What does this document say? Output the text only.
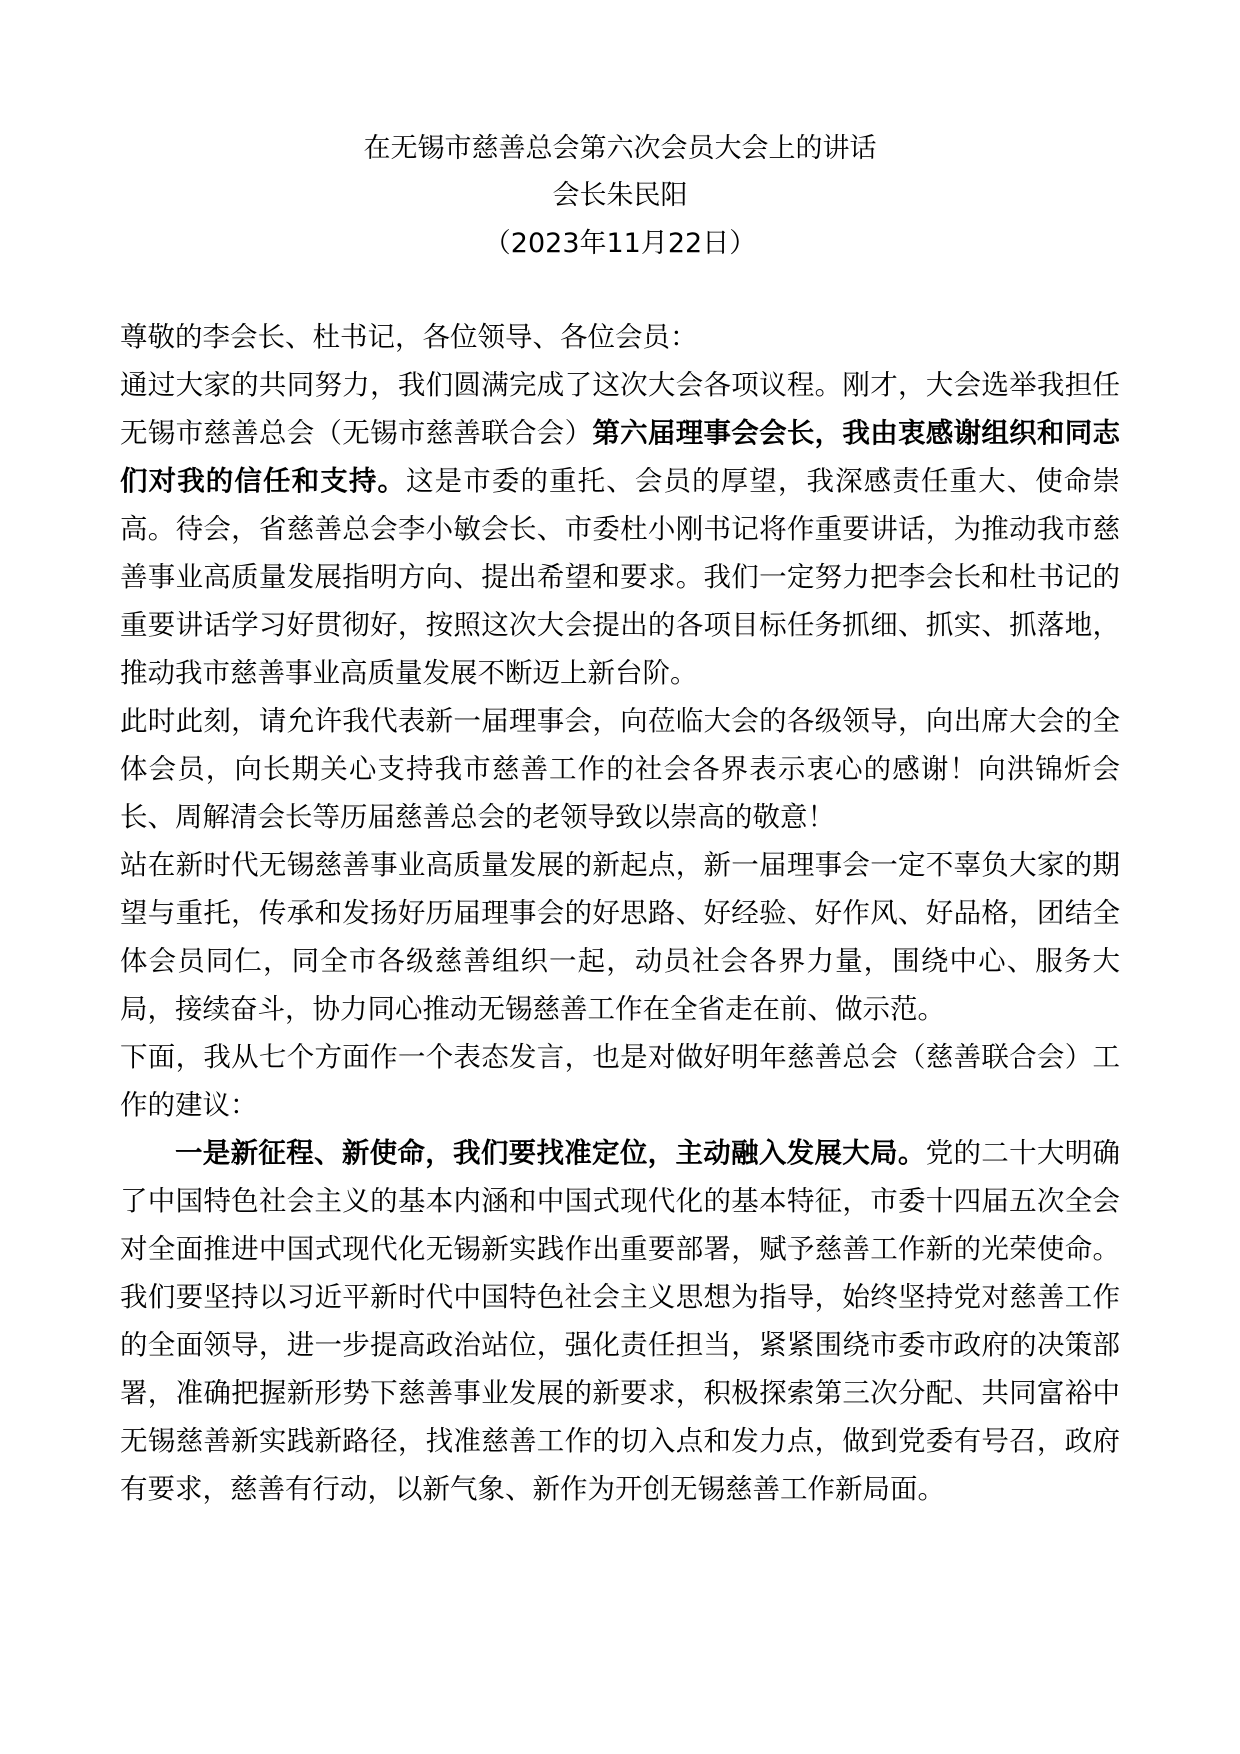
在无锡市慈善总会第六次会员大会上的讲话
会长朱民阳
（2023年11月22日）

尊敬的李会长、杜书记，各位领导、各位会员：

通过大家的共同努力，我们圆满完成了这次大会各项议程。刚才，大会选举我担任无锡市慈善总会（无锡市慈善联合会）第六届理事会会长，我由衷感谢组织和同志们对我的信任和支持。这是市委的重托、会员的厚望，我深感责任重大、使命崇高。待会，省慈善总会李小敏会长、市委杜小刚书记将作重要讲话，为推动我市慈善事业高质量发展指明方向、提出希望和要求。我们一定努力把李会长和杜书记的重要讲话学习好贯彻好，按照这次大会提出的各项目标任务抓细、抓实、抓落地，推动我市慈善事业高质量发展不断迈上新台阶。

此时此刻，请允许我代表新一届理事会，向莅临大会的各级领导，向出席大会的全体会员，向长期关心支持我市慈善工作的社会各界表示衷心的感谢！向洪锦炘会长、周解清会长等历届慈善总会的老领导致以崇高的敬意！

站在新时代无锡慈善事业高质量发展的新起点，新一届理事会一定不辜负大家的期望与重托，传承和发扬好历届理事会的好思路、好经验、好作风、好品格，团结全体会员同仁，同全市各级慈善组织一起，动员社会各界力量，围绕中心、服务大局，接续奋斗，协力同心推动无锡慈善工作在全省走在前、做示范。

下面，我从七个方面作一个表态发言，也是对做好明年慈善总会（慈善联合会）工作的建议：

一是新征程、新使命，我们要找准定位，主动融入发展大局。党的二十大明确了中国特色社会主义的基本内涵和中国式现代化的基本特征，市委十四届五次全会对全面推进中国式现代化无锡新实践作出重要部署，赋予慈善工作新的光荣使命。我们要坚持以习近平新时代中国特色社会主义思想为指导，始终坚持党对慈善工作的全面领导，进一步提高政治站位，强化责任担当，紧紧围绕市委市政府的决策部署，准确把握新形势下慈善事业发展的新要求，积极探索第三次分配、共同富裕中无锡慈善新实践新路径，找准慈善工作的切入点和发力点，做到党委有号召，政府有要求，慈善有行动，以新气象、新作为开创无锡慈善工作新局面。
